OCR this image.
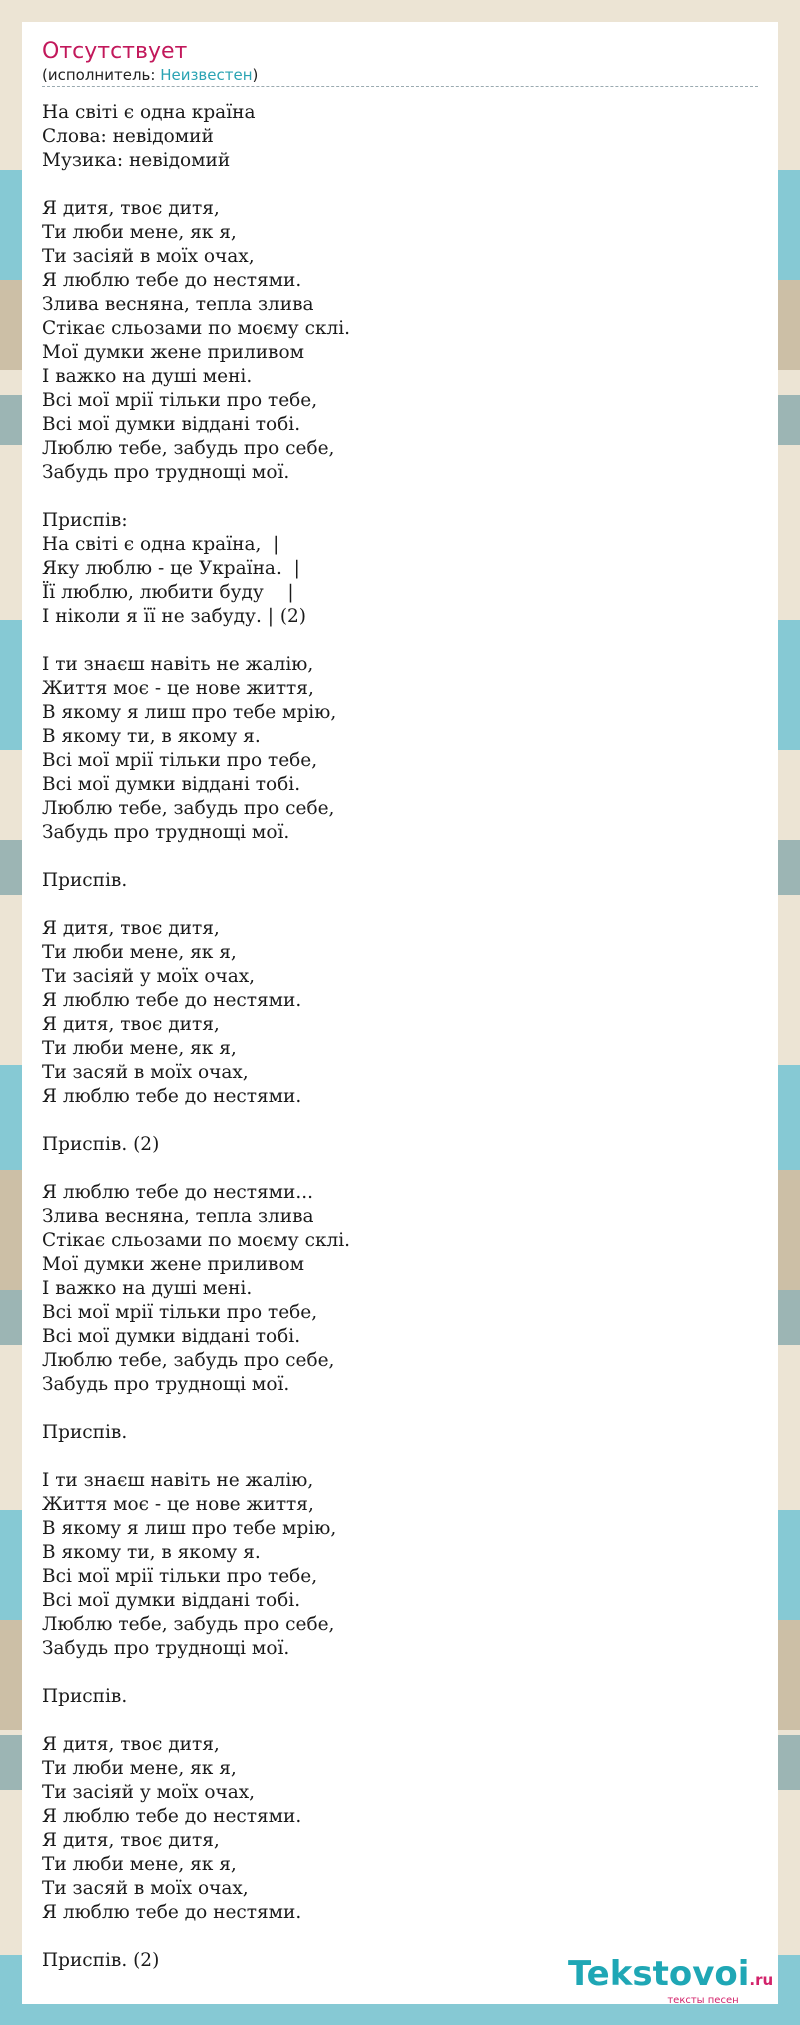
Отсутствует
(исполнитель: Неизвестен)
На світі є одна країна
Слова: невідомий
Музика: невідомий

Я дитя, твоє дитя,
Ти люби мене, як я,
Ти засіяй в моїх очах,
Я люблю тебе до нестями.
Злива весняна, тепла злива
Стікає сльозами по моєму склі.
Мої думки жене приливом
І важко на душі мені.
Всі мої мрії тільки про тебе,
Всі мої думки віддані тобі.
Люблю тебе, забудь про себе,
Забудь про труднощі мої.

Приспів:
На світі є одна країна,  |
Яку люблю - це Україна.  |
Її люблю, любити буду    |
І ніколи я її не забуду. | (2)

І ти знаєш навіть не жалію,
Життя моє - це нове життя,
В якому я лиш про тебе мрію,
В якому ти, в якому я.
Всі мої мрії тільки про тебе,
Всі мої думки віддані тобі.
Люблю тебе, забудь про себе,
Забудь про труднощі мої.

Приспів.

Я дитя, твоє дитя,
Ти люби мене, як я,
Ти засіяй у моїх очах,
Я люблю тебе до нестями.
Я дитя, твоє дитя,
Ти люби мене, як я,
Ти засяй в моїх очах,
Я люблю тебе до нестями.

Приспів. (2)

Я люблю тебе до нестями...
Злива весняна, тепла злива
Стікає сльозами по моєму склі.
Мої думки жене приливом
І важко на душі мені.
Всі мої мрії тільки про тебе,
Всі мої думки віддані тобі.
Люблю тебе, забудь про себе,
Забудь про труднощі мої.

Приспів.

І ти знаєш навіть не жалію,
Життя моє - це нове життя,
В якому я лиш про тебе мрію,
В якому ти, в якому я.
Всі мої мрії тільки про тебе,
Всі мої думки віддані тобі.
Люблю тебе, забудь про себе,
Забудь про труднощі мої.

Приспів.

Я дитя, твоє дитя,
Ти люби мене, як я,
Ти засіяй у моїх очах,
Я люблю тебе до нестями.
Я дитя, твоє дитя,
Ти люби мене, як я,
Ти засяй в моїх очах,
Я люблю тебе до нестями.

Приспів. (2)	Tekstovoi.ru
тексты песен
